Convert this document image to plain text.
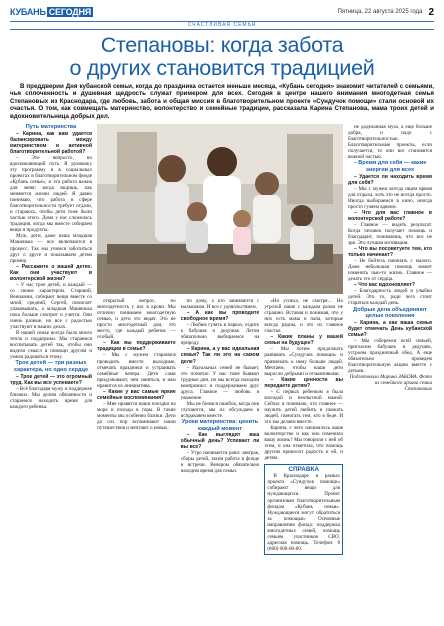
КУБАНЬ СЕГОДНЯ	Пятница, 22 августа 2025 года 2
СЧАСТЛИВАЯ СЕМЬЯ
Степановы: когда забота
о других становится традицией

В преддверии Дня кубанской семьи, когда до праздника остается меньше месяца, «Кубань сегодня» знакомит читателей с семьями, чья сплоченность и душевная щедрость служат примером для всех. Сегодня в центре нашего внимания многодетная семья Степановых из Краснодара, где любовь, забота и общая миссия в благотворительном проекте «Сундучок помощи» стали основой их счастья. О том, как совмещать материнство, волонтерство и семейные традиции, рассказала Карина Степанова, мама троих детей и вдохновительница добрых дел.

Путь материнства

– Карина, как вам удается балансировать между материнством и активной благотворительной работой?

– Это непросто, но вдохновляющий путь. Я руковожу эту программу и в социальных проектах в благотворительном фонде «Кубань семья», и эта работа важна для меня: когда видишь, как меняются жизни людей. Я давно понимаю, что работа в сфере благотворительности требует отдачи, и стараюсь, чтобы дети тоже были частью этого. Дома у нас сложилась традиция, когда мы вместе собираем вещи и продукты.

Муж, дети, даже наша младшая Машенька — все включаются в процесс. Так мы учимся заботиться друг о друге и показываем детям пример.

– Рассажите о вашей детях. Как они участвуют в волонтерской жизни?

– У нас трое детей, и каждый — со своим характером. Старший, Вениамин, собирает вещи вместе со мной, средний, Сергей, помогает упаковывать, а младшая Машенька пока больше смотрит и учится. Они очень разные, но все с радостью участвуют в наших делах.

В нашей семье всегда было много тепла и поддержки. Мы стараемся воспитывать детей так, чтобы они видели смысл в помощи другим и умели радоваться этому.

Трое детей — три разных характера, но одно сердце

– Трое детей — это огромный труд. Как вы все успеваете?

– Всё благодаря мужу и поддержке близких. Мы делим обязанности и стараемся находить время для каждого ребенка.

открытый вопрос, но многодетность у нас в крови. Мы отлично понимаем многодетную семью, и дети это видят. Это не просто многодетный дом, это место, где каждый ребенок — особый.

– Как вы поддерживаете традиции в семье?

– Мы с мужем стараемся проводить вместе выходные, отмечать праздники и устраивать семейные вечера. Дети сами придумывают, чем заняться, и нам нравится их инициатива.

– Какие у вас самые яркие семейные воспоминания?

– Мне нравятся наши поездки на море и походы в горы. В такие моменты мы особенно близки. Дети до сих пор вспоминают наши путешествия и мечтают о новых.

по дому, а кто занимается с малышами. И все с удовольствием.

– А как вы проводите свободное время?

– Любим гулять в парках, ездить к бабушке и дедушке. Летом обязательно выбираемся на природу.

– Карина, а у вас идеальная семья? Так ли это на самом деле?

– Идеальных семей не бывает, это понятно. У нас тоже бывают трудные дни, но мы всегда находим компромисс и поддерживаем друг друга. Главное — любовь и уважение.

Мы не боимся ошибок, когда они случаются, мы их обсуждаем и исправляем вместе.

Уроки материнства: ценить каждый момент

– Как выглядит ваш обычный день? Успевает ли вы все?

– Утро начинается рано: завтрак, сборы детей, затем работа в фонде и встречи. Вечером обязательно находим время для семьи.

«Но успеха, не смотря… Но угрозой наше с каждым разом не страшно. Вставая и понимая, что у них есть мама и папа, которые всегда рядом, и это их главное счастье.

– Какие планы у вашей семьи на будущее?

– Мы хотим продолжать развивать «Сундучок помощи» и привлекать к нему больше людей. Мечтаем, чтобы наши дети выросли добрыми и отзывчивыми.

– Какие ценности вы передаете детям?

– С первых ребенком я была молодой и неопытной мамой. Сейчас я понимаю, что главное — научить детей любить и уважать людей, помогать тем, кто в беде. И это мы делаем вместе.

Карина, с чего начиналось ваше волонтерство и как оно изменило вашу жизнь? Мы говорили с ней об этом, и она отметила, что помощь другим приносит радость и ей, и детям.

СПРАВКА

В Краснодаре в рамках проекта «Сундучок помощи» собирают вещи для нуждающихся. Проект организован благотворительным фондом «Кубань семья». Нуждающиеся могут обратиться за помощью. Основные направления фонда: поддержка многодетных семей, помощь семьям участников СВО, адресная помощь. Телефон: 8 (800) 000-00-00.

не доделанная муза, а еще больше добра, и надо с благотворительностью. Благотворительные проекты, если получается, то они все становятся важной частью.

– Время для себя — какие энергии для всех

– Удается ли находить время для себя?

– Мы с мужем всегда ищем время для отдыха, хоть это не всегда просто. Иногда выбираемся в кино, иногда просто гуляем вдвоем.

– Что для вас главное в волонтерской работе?

– Главное — видеть результат. Когда человек получает помощь и благодарит, понимаешь, что все не зря. Это лучшая мотивация.

– Что вы посоветуете тем, кто только начинает?

– Не бойтесь начинать с малого. Даже небольшая помощь может изменить чью-то жизнь. Главное — делать это от сердца.

– Что вас вдохновляет?

– Благодарность людей и улыбки детей. Это то, ради чего стоит стараться каждый день.

Добрые дела объединяют целые поколения

– Карина, а как ваша семья будет отмечать День кубанской семьи?

– Мы соберемся всей семьей, пригласим бабушек и дедушек, устроим праздничный обед. А еще обязательно проведем благотворительную акцию вместе с детьми.

Подготовила Марина ЗАБОВА. Фото из семейного архива семьи Степановых
